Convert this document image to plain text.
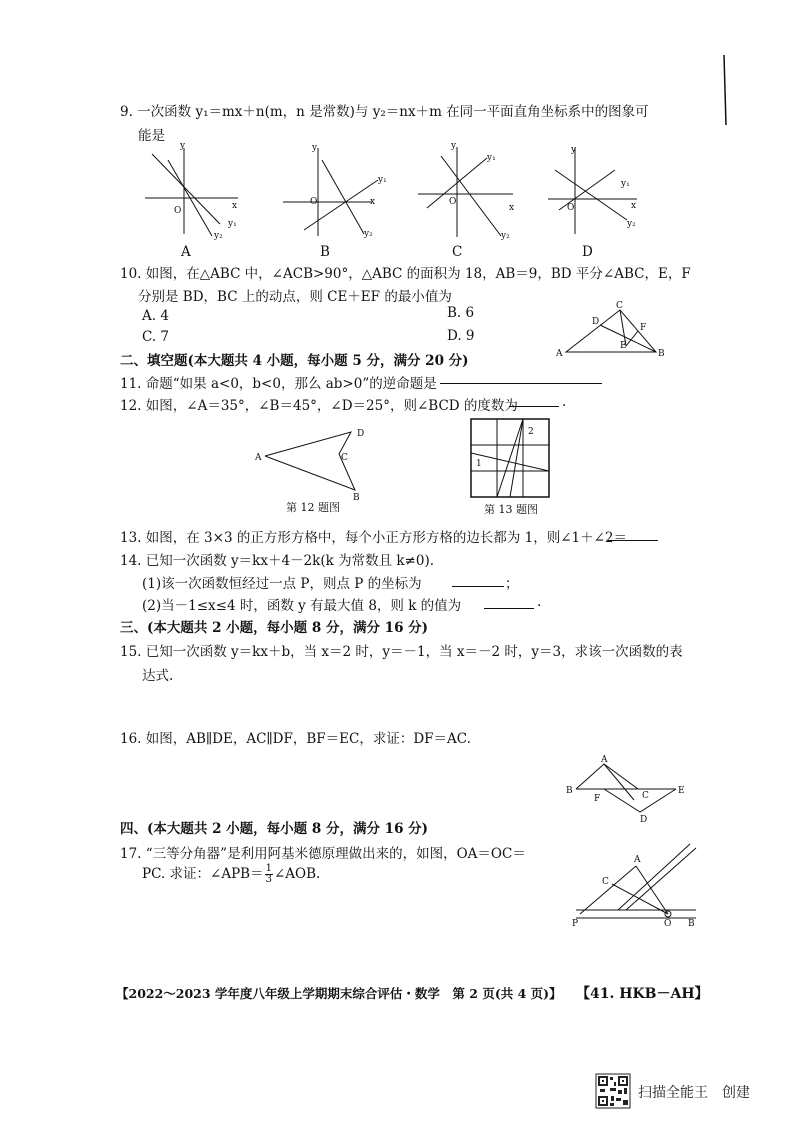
9. 一次函数 y₁＝mx＋n(m，n 是常数)与 y₂＝nx＋m 在同一平面直角坐标系中的图象可
能是
y
x
O
y₁
y₂
A
y
x
O
y₁
y₂
B
y
x
O
y₁
y₂
C
y
x
O
y₁
y₂
D
10. 如图，在△ABC 中，∠ACB>90°，△ABC 的面积为 18，AB＝9，BD 平分∠ABC，E，F
分别是 BD，BC 上的动点，则 CE＋EF 的最小值为
A. 4	B. 6
C. 7	D. 9
A	B
C
D
E
F
二、填空题(本大题共 4 小题，每小题 5 分，满分 20 分)
11. 命题“如果 a<0，b<0，那么 ab>0”的逆命题是
12. 如图，∠A＝35°，∠B＝45°，∠D＝25°，则∠BCD 的度数为	.
A
B
C
D
第 12 题图
1
2
第 13 题图
13. 如图，在 3×3 的正方形方格中，每个小正方形方格的边长都为 1，则∠1＋∠2＝
14. 已知一次函数 y＝kx＋4－2k(k 为常数且 k≠0).
(1)该一次函数恒经过一点 P，则点 P 的坐标为	；
(2)当－1≤x≤4 时，函数 y 有最大值 8，则 k 的值为	.
三、(本大题共 2 小题，每小题 8 分，满分 16 分)
15. 已知一次函数 y＝kx＋b，当 x＝2 时，y＝－1，当 x＝－2 时，y＝3，求该一次函数的表
达式.
16. 如图，AB∥DE，AC∥DF，BF＝EC，求证：DF＝AC.
A
B	C
D
E
F
四、(本大题共 2 小题，每小题 8 分，满分 16 分)
17. “三等分角器”是利用阿基米德原理做出来的，如图，OA＝OC＝
PC. 求证：∠APB＝ $\frac{1}{3}$ ∠AOB.
A
B
C
O
P
【2022～2023 学年度八年级上学期期末综合评估・数学　第 2 页(共 4 页)】 【41. HKB－AH】
扫描全能王　创建
